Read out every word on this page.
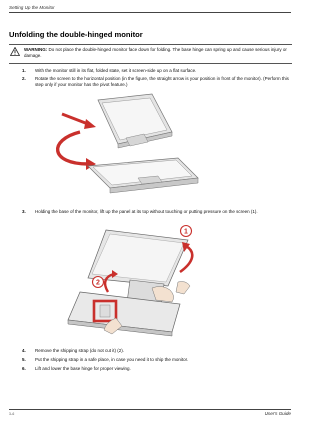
Setting Up the Monitor
Unfolding the double-hinged monitor
WARNING: Do not place the double-hinged monitor face down for folding. The base hinge can spring up and cause serious injury or damage.
1. With the monitor still in its flat, folded state, set it screen-side up on a flat surface.
2. Rotate the screen to the horizontal position (in the figure, the straight arrow is your position in front of the monitor). (Perform this step only if your monitor has the pivot feature.)
3. Holding the base of the monitor, lift up the panel at its top without touching or putting pressure on the screen (1).
1
2
4. Remove the shipping strap (do not cut it) (2).
5. Put the shipping strap in a safe place, in case you need it to ship the monitor.
6. Lift and lower the base hinge for proper viewing.
3–6	User's Guide
